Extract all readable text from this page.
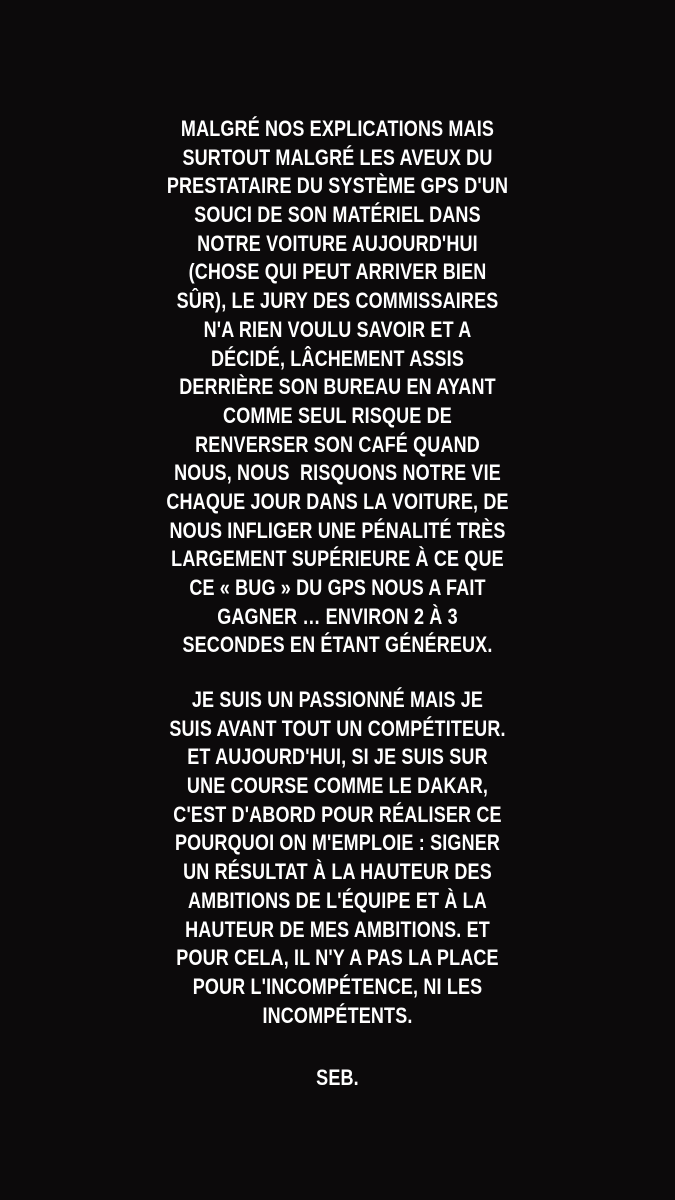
MALGRÉ NOS EXPLICATIONS MAIS
SURTOUT MALGRÉ LES AVEUX DU
PRESTATAIRE DU SYSTÈME GPS D'UN
SOUCI DE SON MATÉRIEL DANS
NOTRE VOITURE AUJOURD'HUI
(CHOSE QUI PEUT ARRIVER BIEN
SÛR), LE JURY DES COMMISSAIRES
N'A RIEN VOULU SAVOIR ET A
DÉCIDÉ, LÂCHEMENT ASSIS
DERRIÈRE SON BUREAU EN AYANT
COMME SEUL RISQUE DE
RENVERSER SON CAFÉ QUAND
NOUS, NOUS  RISQUONS NOTRE VIE
CHAQUE JOUR DANS LA VOITURE, DE
NOUS INFLIGER UNE PÉNALITÉ TRÈS
LARGEMENT SUPÉRIEURE À CE QUE
CE « BUG » DU GPS NOUS A FAIT
GAGNER … ENVIRON 2 À 3
SECONDES EN ÉTANT GÉNÉREUX.
JE SUIS UN PASSIONNÉ MAIS JE
SUIS AVANT TOUT UN COMPÉTITEUR.
ET AUJOURD'HUI, SI JE SUIS SUR
UNE COURSE COMME LE DAKAR,
C'EST D'ABORD POUR RÉALISER CE
POURQUOI ON M'EMPLOIE : SIGNER
UN RÉSULTAT À LA HAUTEUR DES
AMBITIONS DE L'ÉQUIPE ET À LA
HAUTEUR DE MES AMBITIONS. ET
POUR CELA, IL N'Y A PAS LA PLACE
POUR L'INCOMPÉTENCE, NI LES
INCOMPÉTENTS.
SEB.
